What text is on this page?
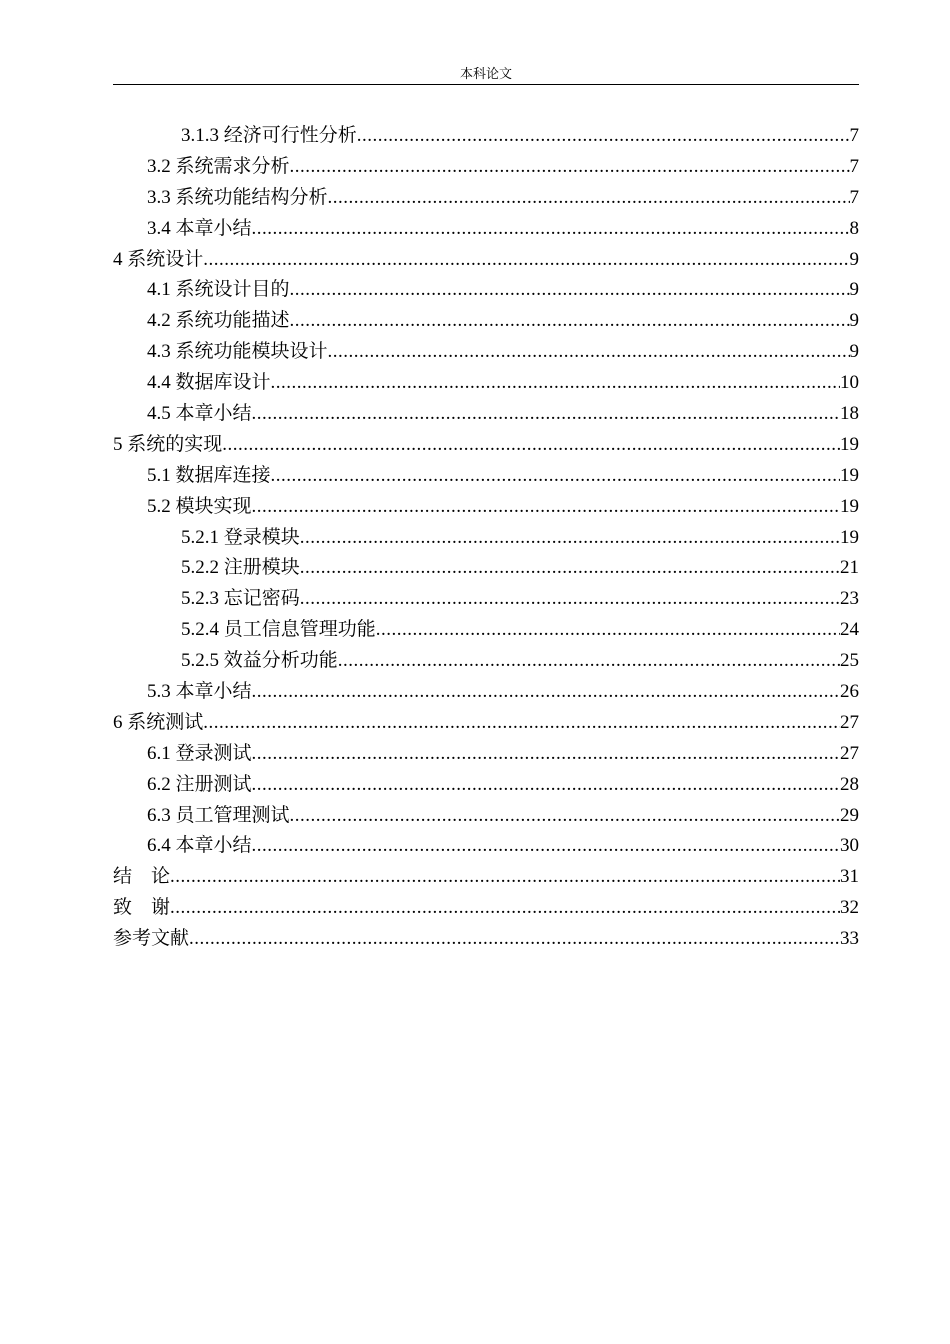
本科论文
3.1.3 经济可行性分析 .....	7
3.2 系统需求分析 .....	7
3.3 系统功能结构分析 .....	7
3.4 本章小结 .....	8
4 系统设计 .....	9
4.1 系统设计目的 .....	9
4.2 系统功能描述 .....	9
4.3 系统功能模块设计 .....	9
4.4 数据库设计 .....	10
4.5 本章小结 .....	18
5 系统的实现 .....	19
5.1 数据库连接 .....	19
5.2 模块实现 .....	19
5.2.1 登录模块 .....	19
5.2.2 注册模块 .....	21
5.2.3 忘记密码 .....	23
5.2.4 员工信息管理功能 .....	24
5.2.5 效益分析功能 .....	25
5.3 本章小结 .....	26
6 系统测试 .....	27
6.1 登录测试 .....	27
6.2 注册测试 .....	28
6.3 员工管理测试 .....	29
6.4 本章小结 .....	30
结　论 .....	31
致　谢 .....	32
参考文献 .....	33
